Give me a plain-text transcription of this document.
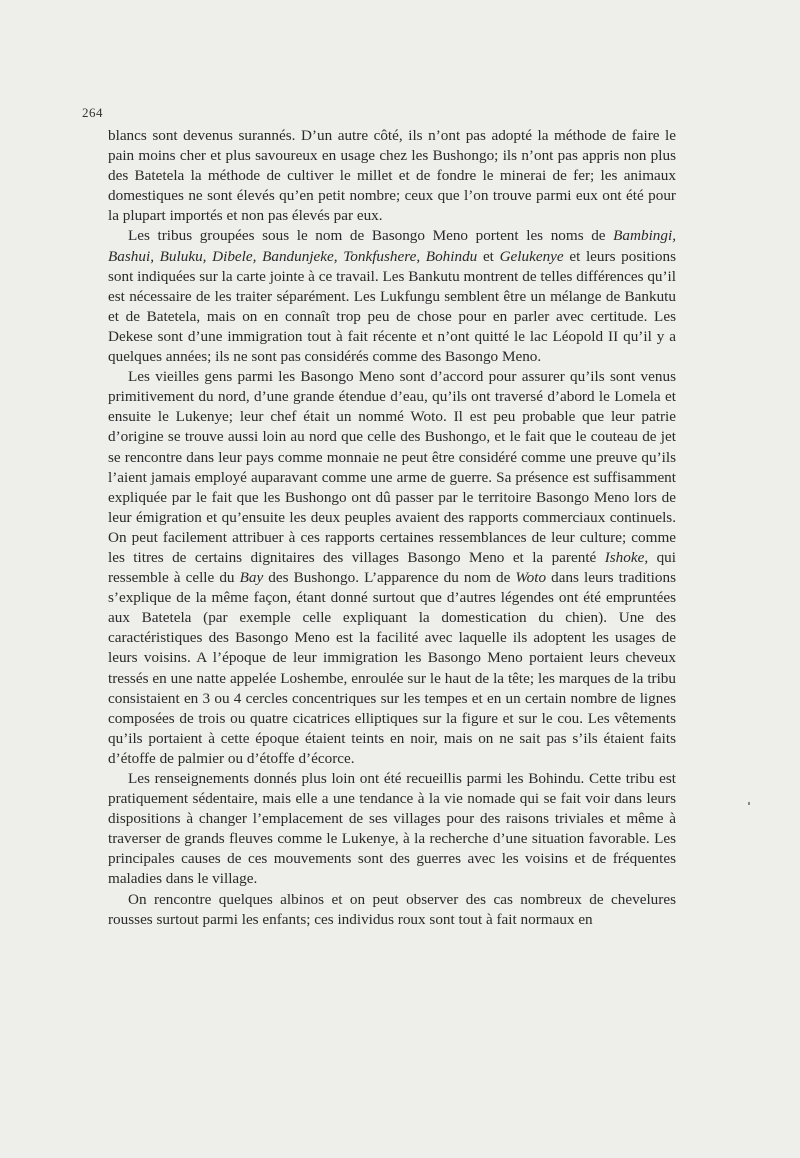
264

blancs sont devenus surannés. D’un autre côté, ils n’ont pas adopté la méthode de faire le pain moins cher et plus savoureux en usage chez les Bushongo; ils n’ont pas appris non plus des Batetela la méthode de cultiver le millet et de fondre le minerai de fer; les animaux domestiques ne sont élevés qu’en petit nombre; ceux que l’on trouve parmi eux ont été pour la plupart importés et non pas élevés par eux.

Les tribus groupées sous le nom de Basongo Meno portent les noms de Bambingi, Bashui, Buluku, Dibele, Bandunjeke, Tonkfushere, Bohindu et Gelukenye et leurs positions sont indiquées sur la carte jointe à ce travail. Les Bankutu montrent de telles différences qu’il est nécessaire de les traiter séparément. Les Lukfungu semblent être un mélange de Bankutu et de Batetela, mais on en connaît trop peu de chose pour en parler avec certitude. Les Dekese sont d’une immigration tout à fait récente et n’ont quitté le lac Léopold II qu’il y a quelques années; ils ne sont pas considérés comme des Basongo Meno.

Les vieilles gens parmi les Basongo Meno sont d’accord pour assurer qu’ils sont venus primitivement du nord, d’une grande étendue d’eau, qu’ils ont traversé d’abord le Lomela et ensuite le Lukenye; leur chef était un nommé Woto. Il est peu probable que leur patrie d’origine se trouve aussi loin au nord que celle des Bushongo, et le fait que le couteau de jet se rencontre dans leur pays comme monnaie ne peut être considéré comme une preuve qu’ils l’aient jamais employé auparavant comme une arme de guerre. Sa présence est suffisamment expliquée par le fait que les Bushongo ont dû passer par le territoire Basongo Meno lors de leur émigration et qu’ensuite les deux peuples avaient des rapports commerciaux continuels. On peut facilement attribuer à ces rapports certaines ressemblances de leur culture; comme les titres de certains dignitaires des villages Basongo Meno et la parenté Ishoke, qui ressemble à celle du Bay des Bushongo. L’apparence du nom de Woto dans leurs traditions s’explique de la même façon, étant donné surtout que d’autres légendes ont été empruntées aux Batetela (par exemple celle expliquant la domestication du chien). Une des caractéristiques des Basongo Meno est la facilité avec laquelle ils adoptent les usages de leurs voisins. A l’époque de leur immigration les Basongo Meno portaient leurs cheveux tressés en une natte appelée Loshembe, enroulée sur le haut de la tête; les marques de la tribu consistaient en 3 ou 4 cercles concentriques sur les tempes et en un certain nombre de lignes composées de trois ou quatre cicatrices elliptiques sur la figure et sur le cou. Les vêtements qu’ils portaient à cette époque étaient teints en noir, mais on ne sait pas s’ils étaient faits d’étoffe de palmier ou d’étoffe d’écorce.

Les renseignements donnés plus loin ont été recueillis parmi les Bohindu. Cette tribu est pratiquement sédentaire, mais elle a une tendance à la vie nomade qui se fait voir dans leurs dispositions à changer l’emplacement de ses villages pour des raisons triviales et même à traverser de grands fleuves comme le Lukenye, à la recherche d’une situation favorable. Les principales causes de ces mouvements sont des guerres avec les voisins et de fréquentes maladies dans le village.

On rencontre quelques albinos et on peut observer des cas nombreux de chevelures rousses surtout parmi les enfants; ces individus roux sont tout à fait normaux en
